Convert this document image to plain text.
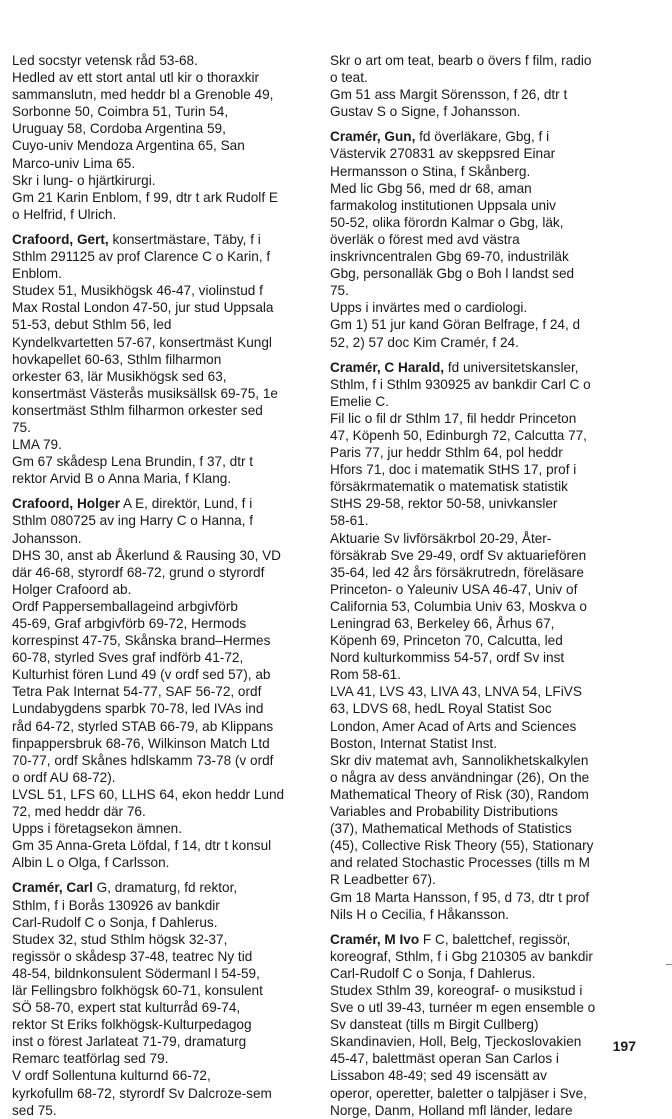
Led socstyr vetensk råd 53-68.
Hedled av ett stort antal utl kir o thoraxkir
sammanslutn, med heddr bl a Grenoble 49,
Sorbonne 50, Coimbra 51, Turin 54,
Uruguay 58, Cordoba Argentina 59,
Cuyo-univ Mendoza Argentina 65, San
Marco-univ Lima 65.
Skr i lung- o hjärtkirurgi.
Gm 21 Karin Enblom, f 99, dtr t ark Rudolf E
o Helfrid, f Ulrich.
Crafoord, Gert, konsertmästare, Täby, f i
Sthlm 291125 av prof Clarence C o Karin, f
Enblom.
Studex 51, Musikhögsk 46-47, violinstud f
Max Rostal London 47-50, jur stud Uppsala
51-53, debut Sthlm 56, led
Kyndelkvartetten 57-67, konsertmäst Kungl
hovkapellet 60-63, Sthlm filharmon
orkester 63, lär Musikhögsk sed 63,
konsertmäst Västerås musiksällsk 69-75, 1e
konsertmäst Sthlm filharmon orkester sed
75.
LMA 79.
Gm 67 skådesp Lena Brundin, f 37, dtr t
rektor Arvid B o Anna Maria, f Klang.
Crafoord, Holger A E, direktör, Lund, f i
Sthlm 080725 av ing Harry C o Hanna, f
Johansson.
DHS 30, anst ab Åkerlund & Rausing 30, VD
där 46-68, styrordf 68-72, grund o styrordf
Holger Crafoord ab.
Ordf Pappersemballageind arbgivförb
45-69, Graf arbgivförb 69-72, Hermods
korrespinst 47-75, Skånska brand–Hermes
60-78, styrled Sves graf indförb 41-72,
Kulturhist fören Lund 49 (v ordf sed 57), ab
Tetra Pak Internat 54-77, SAF 56-72, ordf
Lundabygdens sparbk 70-78, led IVAs ind
råd 64-72, styrled STAB 66-79, ab Klippans
finpappersbruk 68-76, Wilkinson Match Ltd
70-77, ordf Skånes hdlskamm 73-78 (v ordf
o ordf AU 68-72).
LVSL 51, LFS 60, LLHS 64, ekon heddr Lund
72, med heddr där 76.
Upps i företagsekon ämnen.
Gm 35 Anna-Greta Löfdal, f 14, dtr t konsul
Albin L o Olga, f Carlsson.
Cramér, Carl G, dramaturg, fd rektor,
Sthlm, f i Borås 130926 av bankdir
Carl-Rudolf C o Sonja, f Dahlerus.
Studex 32, stud Sthlm högsk 32-37,
regissör o skådesp 37-48, teatrec Ny tid
48-54, bildnkonsulent Södermanl l 54-59,
lär Fellingsbro folkhögsk 60-71, konsulent
SÖ 58-70, expert stat kulturråd 69-74,
rektor St Eriks folkhögsk-Kulturpedagog
inst o förest Jarlateat 71-79, dramaturg
Remarc teatförlag sed 79.
V ordf Sollentuna kulturnd 66-72,
kyrkofullm 68-72, styrordf Sv Dalcroze-sem
sed 75.
Skr o art om teat, bearb o övers f film, radio
o teat.
Gm 51 ass Margit Sörensson, f 26, dtr t
Gustav S o Signe, f Johansson.
Cramér, Gun, fd överläkare, Gbg, f i
Västervik 270831 av skeppsred Einar
Hermansson o Stina, f Skånberg.
Med lic Gbg 56, med dr 68, aman
farmakolog institutionen Uppsala univ
50-52, olika förordn Kalmar o Gbg, läk,
överläk o förest med avd västra
inskrivncentralen Gbg 69-70, industriläk
Gbg, personalläk Gbg o Boh l landst sed
75.
Upps i invärtes med o cardiologi.
Gm 1) 51 jur kand Göran Belfrage, f 24, d
52, 2) 57 doc Kim Cramér, f 24.
Cramér, C Harald, fd universitetskansler,
Sthlm, f i Sthlm 930925 av bankdir Carl C o
Emelie C.
Fil lic o fil dr Sthlm 17, fil heddr Princeton
47, Köpenh 50, Edinburgh 72, Calcutta 77,
Paris 77, jur heddr Sthlm 64, pol heddr
Hfors 71, doc i matematik StHS 17, prof i
försäkrmatematik o matematisk statistik
StHS 29-58, rektor 50-58, univkansler
58-61.
Aktuarie Sv livförsäkrbol 20-29, Åter-
försäkrab Sve 29-49, ordf Sv aktuariefören
35-64, led 42 års försäkrutredn, föreläsare
Princeton- o Yaleuniv USA 46-47, Univ of
California 53, Columbia Univ 63, Moskva o
Leningrad 63, Berkeley 66, Århus 67,
Köpenh 69, Princeton 70, Calcutta, led
Nord kulturkommiss 54-57, ordf Sv inst
Rom 58-61.
LVA 41, LVS 43, LIVA 43, LNVA 54, LFiVS
63, LDVS 68, hedL Royal Statist Soc
London, Amer Acad of Arts and Sciences
Boston, Internat Statist Inst.
Skr div matemat avh, Sannolikhetskalkylen
o några av dess användningar (26), On the
Mathematical Theory of Risk (30), Random
Variables and Probability Distributions
(37), Mathematical Methods of Statistics
(45), Collective Risk Theory (55), Stationary
and related Stochastic Processes (tills m M
R Leadbetter 67).
Gm 18 Marta Hansson, f 95, d 73, dtr t prof
Nils H o Cecilia, f Håkansson.
Cramér, M Ivo F C, balettchef, regissör,
koreograf, Sthlm, f i Gbg 210305 av bankdir
Carl-Rudolf C o Sonja, f Dahlerus.
Studex Sthlm 39, koreograf- o musikstud i
Sve o utl 39-43, turnéer m egen ensemble o
Sv dansteat (tills m Birgit Cullberg)
Skandinavien, Holl, Belg, Tjeckoslovakien
45-47, balettmäst operan San Carlos i
Lissabon 48-49; sed 49 iscensätt av
operor, operetter, baletter o talpjäser i Sve,
Norge, Danm, Holland mfl länder, ledare
197
